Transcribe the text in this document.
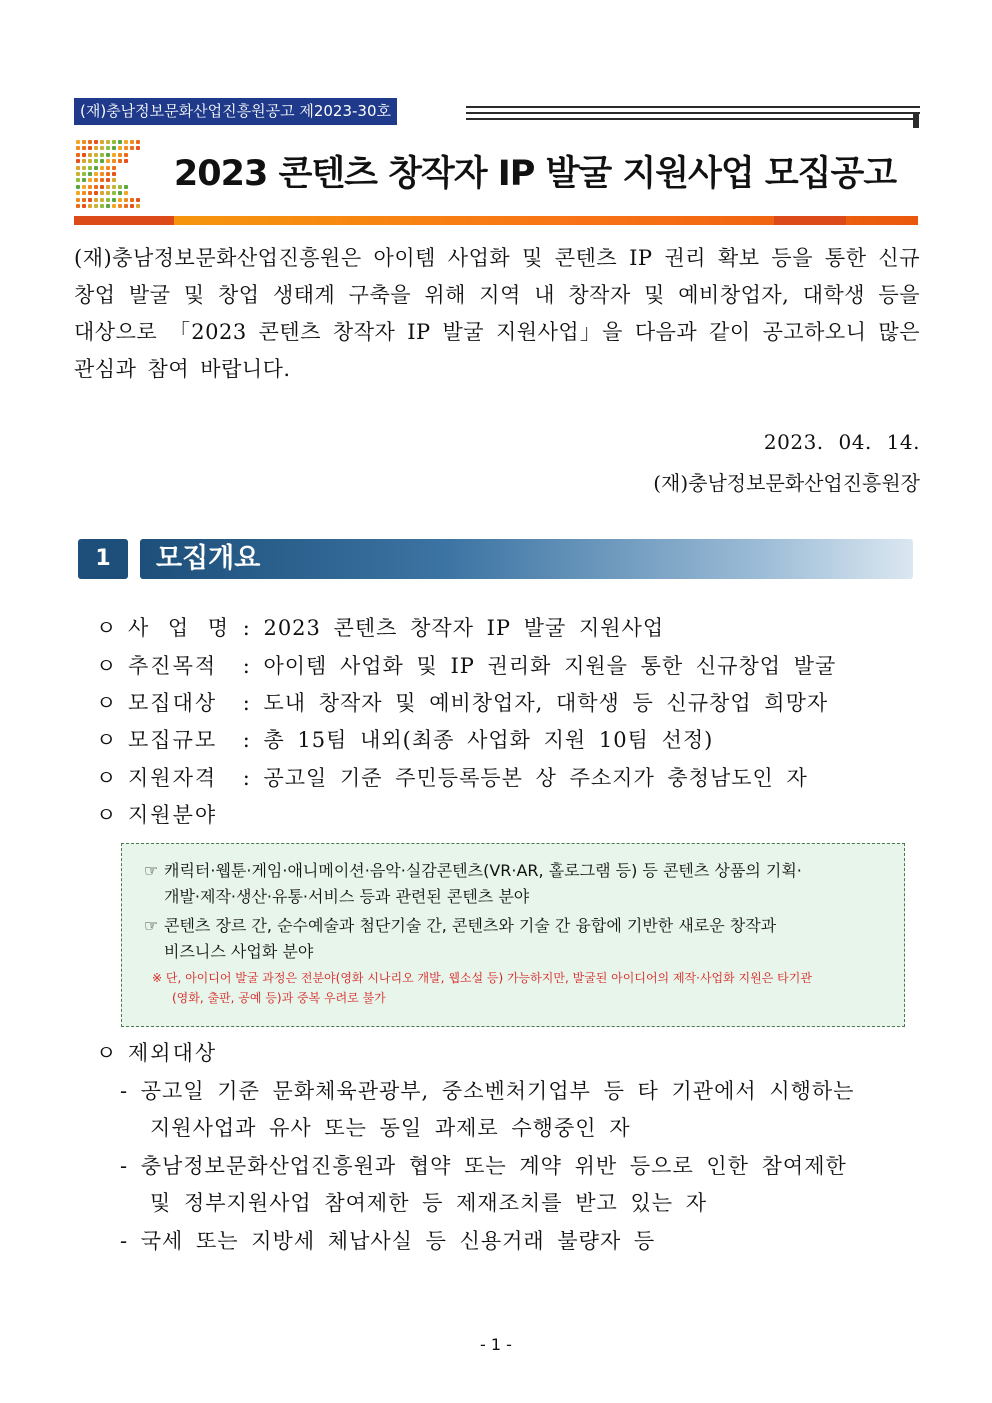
(재)충남정보문화산업진흥원공고 제2023-30호
2023 콘텐츠 창작자 IP 발굴 지원사업 모집공고
(재)충남정보문화산업진흥원은 아이템 사업화 및 콘텐츠 IP 권리 확보 등을 통한 신규 창업 발굴 및 창업 생태계 구축을 위해 지역 내 창작자 및 예비창업자, 대학생 등을 대상으로 「2023 콘텐츠 창작자 IP 발굴 지원사업」을 다음과 같이 공고하오니 많은 관심과 참여 바랍니다.
2023. 04. 14.
(재)충남정보문화산업진흥원장
1	모집개요
ㅇ 사 업 명 : 2023 콘텐츠 창작자 IP 발굴 지원사업
ㅇ 추진목적 : 아이템 사업화 및 IP 권리화 지원을 통한 신규창업 발굴
ㅇ 모집대상 : 도내 창작자 및 예비창업자, 대학생 등 신규창업 희망자
ㅇ 모집규모 : 총 15팀 내외(최종 사업화 지원 10팀 선정)
ㅇ 지원자격 : 공고일 기준 주민등록등본 상 주소지가 충청남도인 자
ㅇ 지원분야
☞ 캐릭터·웹툰·게임·애니메이션·음악·실감콘텐츠(VR·AR, 홀로그램 등) 등 콘텐츠 상품의 기획·
개발·제작·생산·유통·서비스 등과 관련된 콘텐츠 분야
☞ 콘텐츠 장르 간, 순수예술과 첨단기술 간, 콘텐츠와 기술 간 융합에 기반한 새로운 창작과
비즈니스 사업화 분야
※ 단, 아이디어 발굴 과정은 전분야(영화 시나리오 개발, 웹소설 등) 가능하지만, 발굴된 아이디어의 제작·사업화 지원은 타기관
(영화, 출판, 공예 등)과 중복 우려로 불가
ㅇ 제외대상
- 공고일 기준 문화체육관광부, 중소벤처기업부 등 타 기관에서 시행하는
지원사업과 유사 또는 동일 과제로 수행중인 자
- 충남정보문화산업진흥원과 협약 또는 계약 위반 등으로 인한 참여제한
및 정부지원사업 참여제한 등 제재조치를 받고 있는 자
- 국세 또는 지방세 체납사실 등 신용거래 불량자 등
- 1 -
